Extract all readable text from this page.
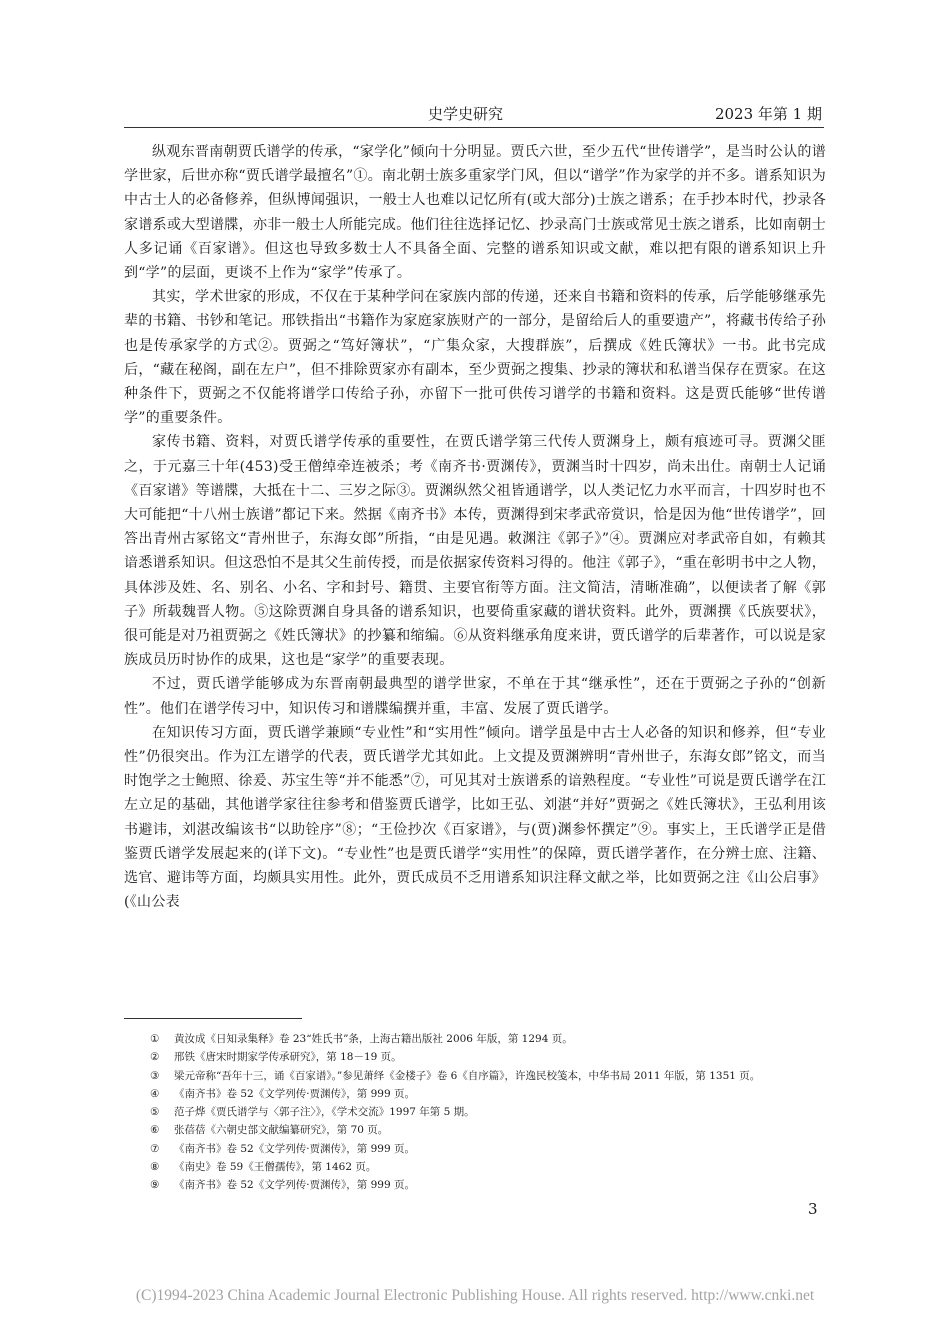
史学史研究	2023 年第 1 期

纵观东晋南朝贾氏谱学的传承，“家学化”倾向十分明显。贾氏六世，至少五代“世传谱学”，是当时公认的谱学世家，后世亦称“贾氏谱学最擅名”①。南北朝士族多重家学门风，但以“谱学”作为家学的并不多。谱系知识为中古士人的必备修养，但纵博闻强识，一般士人也难以记忆所有(或大部分)士族之谱系；在手抄本时代，抄录各家谱系或大型谱牒，亦非一般士人所能完成。他们往往选择记忆、抄录高门士族或常见士族之谱系，比如南朝士人多记诵《百家谱》。但这也导致多数士人不具备全面、完整的谱系知识或文献，难以把有限的谱系知识上升到“学”的层面，更谈不上作为“家学”传承了。

其实，学术世家的形成，不仅在于某种学问在家族内部的传递，还来自书籍和资料的传承，后学能够继承先辈的书籍、书钞和笔记。邢铁指出“书籍作为家庭家族财产的一部分，是留给后人的重要遗产”，将藏书传给子孙也是传承家学的方式②。贾弼之“笃好簿状”，“广集众家，大搜群族”，后撰成《姓氏簿状》一书。此书完成后，“藏在秘阁，副在左户”，但不排除贾家亦有副本，至少贾弼之搜集、抄录的簿状和私谱当保存在贾家。在这种条件下，贾弼之不仅能将谱学口传给子孙，亦留下一批可供传习谱学的书籍和资料。这是贾氏能够“世传谱学”的重要条件。

家传书籍、资料，对贾氏谱学传承的重要性，在贾氏谱学第三代传人贾渊身上，颇有痕迹可寻。贾渊父匪之，于元嘉三十年(453)受王僧绰牵连被杀；考《南齐书·贾渊传》，贾渊当时十四岁，尚未出仕。南朝士人记诵《百家谱》等谱牒，大抵在十二、三岁之际③。贾渊纵然父祖皆通谱学，以人类记忆力水平而言，十四岁时也不大可能把“十八州士族谱”都记下来。然据《南齐书》本传，贾渊得到宋孝武帝赏识，恰是因为他“世传谱学”，回答出青州古冢铭文“青州世子，东海女郎”所指，“由是见遇。敕渊注《郭子》”④。贾渊应对孝武帝自如，有赖其谙悉谱系知识。但这恐怕不是其父生前传授，而是依据家传资料习得的。他注《郭子》，“重在彰明书中之人物，具体涉及姓、名、别名、小名、字和封号、籍贯、主要官衔等方面。注文简洁，清晰准确”，以便读者了解《郭子》所载魏晋人物。⑤这除贾渊自身具备的谱系知识，也要倚重家藏的谱状资料。此外，贾渊撰《氏族要状》，很可能是对乃祖贾弼之《姓氏簿状》的抄纂和缩编。⑥从资料继承角度来讲，贾氏谱学的后辈著作，可以说是家族成员历时协作的成果，这也是“家学”的重要表现。

不过，贾氏谱学能够成为东晋南朝最典型的谱学世家，不单在于其“继承性”，还在于贾弼之子孙的“创新性”。他们在谱学传习中，知识传习和谱牒编撰并重，丰富、发展了贾氏谱学。

在知识传习方面，贾氏谱学兼顾“专业性”和“实用性”倾向。谱学虽是中古士人必备的知识和修养，但“专业性”仍很突出。作为江左谱学的代表，贾氏谱学尤其如此。上文提及贾渊辨明“青州世子，东海女郎”铭文，而当时饱学之士鲍照、徐爰、苏宝生等“并不能悉”⑦，可见其对士族谱系的谙熟程度。“专业性”可说是贾氏谱学在江左立足的基础，其他谱学家往往参考和借鉴贾氏谱学，比如王弘、刘湛“并好”贾弼之《姓氏簿状》，王弘利用该书避讳，刘湛改编该书“以助铨序”⑧；“王俭抄次《百家谱》，与(贾)渊参怀撰定”⑨。事实上，王氏谱学正是借鉴贾氏谱学发展起来的(详下文)。“专业性”也是贾氏谱学“实用性”的保障，贾氏谱学著作，在分辨士庶、注籍、选官、避讳等方面，均颇具实用性。此外，贾氏成员不乏用谱系知识注释文献之举，比如贾弼之注《山公启事》(《山公表

①	黄汝成《日知录集释》卷 23“姓氏书”条，上海古籍出版社 2006 年版，第 1294 页。
②	邢铁《唐宋时期家学传承研究》，第 18－19 页。
③	梁元帝称“吾年十三，诵《百家谱》。”参见萧绎《金楼子》卷 6《自序篇》，许逸民校笺本，中华书局 2011 年版，第 1351 页。
④	《南齐书》卷 52《文学列传·贾渊传》，第 999 页。
⑤	范子烨《贾氏谱学与〈郭子注〉》，《学术交流》1997 年第 5 期。
⑥	张蓓蓓《六朝史部文献编纂研究》，第 70 页。
⑦	《南齐书》卷 52《文学列传·贾渊传》，第 999 页。
⑧	《南史》卷 59《王僧孺传》，第 1462 页。
⑨	《南齐书》卷 52《文学列传·贾渊传》，第 999 页。
3
(C)1994-2023 China Academic Journal Electronic Publishing House. All rights reserved. http://www.cnki.net
